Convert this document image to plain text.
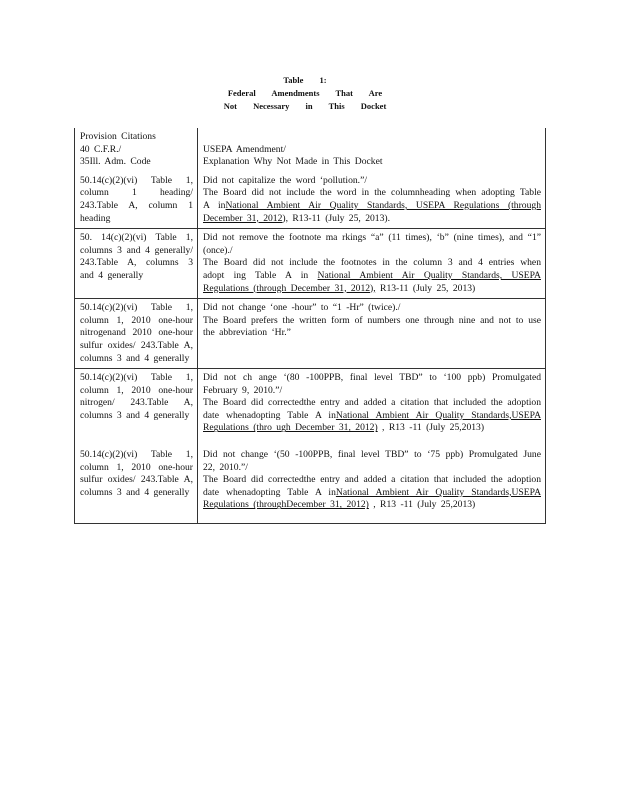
Table 1:
Federal Amendments That Are
Not Necessary in This Docket
Provision Citations
40 C.F.R./
35Ill. Adm. Code	USEPA Amendment/
Explanation Why Not Made in This Docket

50.14(c)(2)(vi) Table 1, column 1 heading/ 243.Table A, column 1 heading	Did not capitalize the word ‘pollution.”/
The Board did not include the word in the columnheading when adopting Table A inNational Ambient Air Quality Standards, USEPA Regulations (through December 31, 2012), R13-11 (July 25, 2013).
50. 14(c)(2)(vi) Table 1, columns 3 and 4 generally/ 243.Table A, columns 3 and 4 generally	Did not remove the footnote ma rkings “a” (11 times), ‘b” (nine times), and “1” (once)./
The Board did not include the footnotes in the column 3 and 4 entries when adopt ing Table A in National Ambient Air Quality Standards, USEPA Regulations (through December 31, 2012), R13-11 (July 25, 2013)
50.14(c)(2)(vi) Table 1, column 1, 2010 one-hour nitrogenand 2010 one-hour sulfur oxides/ 243.Table A, columns 3 and 4 generally	Did not change ‘one -hour” to “1 -Hr” (twice)./
The Board prefers the written form of numbers one through nine and not to use the abbreviation ‘Hr.”
50.14(c)(2)(vi) Table 1, column 1, 2010 one-hour nitrogen/ 243.Table A, columns 3 and 4 generally	Did not ch ange ‘(80 -100PPB, final level TBD” to ‘100 ppb) Promulgated February 9, 2010.”/
The Board did correctedthe entry and added a citation that included the adoption date whenadopting Table A inNational Ambient Air Quality Standards,USEPA Regulations (thro ugh December 31, 2012) , R13 -11 (July 25,2013)

50.14(c)(2)(vi) Table 1, column 1, 2010 one-hour sulfur oxides/ 243.Table A, columns 3 and 4 generally	Did not change ‘(50 -100PPB, final level TBD” to ‘75 ppb) Promulgated June 22, 2010.”/
The Board did correctedthe entry and added a citation that included the adoption date whenadopting Table A inNational Ambient Air Quality Standards,USEPA Regulations (throughDecember 31, 2012) , R13 -11 (July 25,2013)
